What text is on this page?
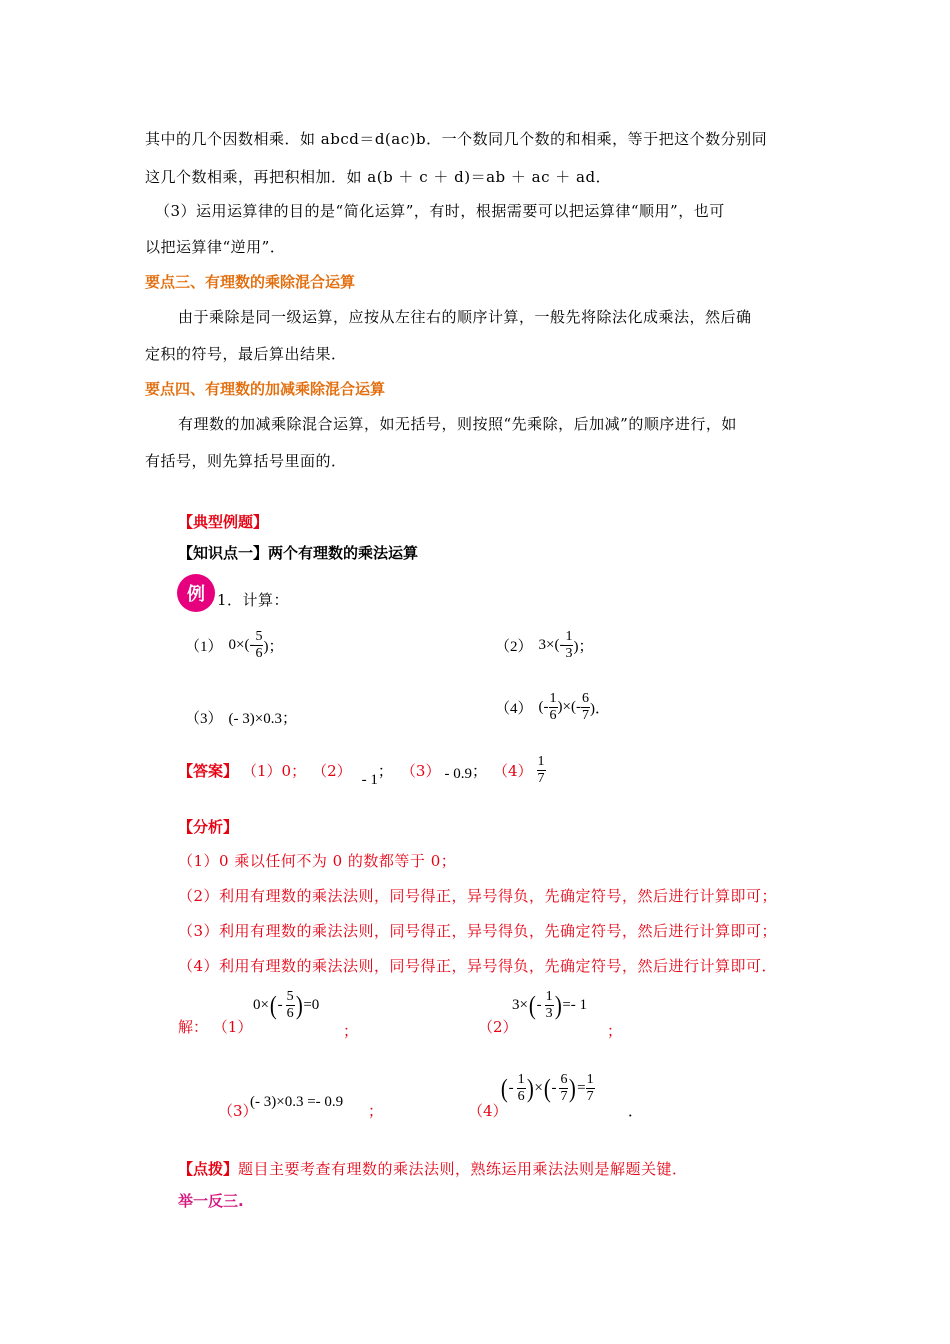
其中的几个因数相乘．如 abcd＝d(ac)b．一个数同几个数的和相乘，等于把这个数分别同
这几个数相乘，再把积相加．如 a(b ＋ c ＋ d)＝ab ＋ ac ＋ ad．
（3）运用运算律的目的是“简化运算”，有时，根据需要可以把运算律“顺用”，也可
以把运算律“逆用”．
要点三、有理数的乘除混合运算
由于乘除是同一级运算，应按从左往右的顺序计算，一般先将除法化成乘法，然后确
定积的符号，最后算出结果．
要点四、有理数的加减乘除混合运算
有理数的加减乘除混合运算，如无括号，则按照“先乘除，后加减”的顺序进行，如
有括号，则先算括号里面的．
【典型例题】
【知识点一】两个有理数的乘法运算
例 1．计算：
（1） $0\times(- \frac{5}{6}$ )；	（2） $3\times(- \frac{1}{3}$ )；
（3） (- 3)×0.3；
（4） (- $\frac{1}{6}$ )×(- $\frac{6}{7}$ )．
【答案】 （1）0； （2） - 1 ； （3） - 0.9 ； $(4) \frac{1}{7}$
【分析】
（1）0 乘以任何不为 0 的数都等于 0；
（2）利用有理数的乘法法则，同号得正，异号得负，先确定符号，然后进行计算即可；
（3）利用有理数的乘法法则，同号得正，异号得负，先确定符号，然后进行计算即可；
（4）利用有理数的乘法法则，同号得正，异号得负，先确定符号，然后进行计算即可．
解： （1）
0× ( - $\frac{5}{6}$ ) =0
；	（2）
3× ( - $\frac{1}{3}$ ) =- 1
；
（3）
(- 3)×0.3 =- 0.9 ；	（4）
( - $\frac{1}{6}$ ) × ( - $\frac{6}{7}$ ) = $\frac{1}{7}$
．
【点拨】题目主要考查有理数的乘法法则，熟练运用乘法法则是解题关键．
举一反三.
